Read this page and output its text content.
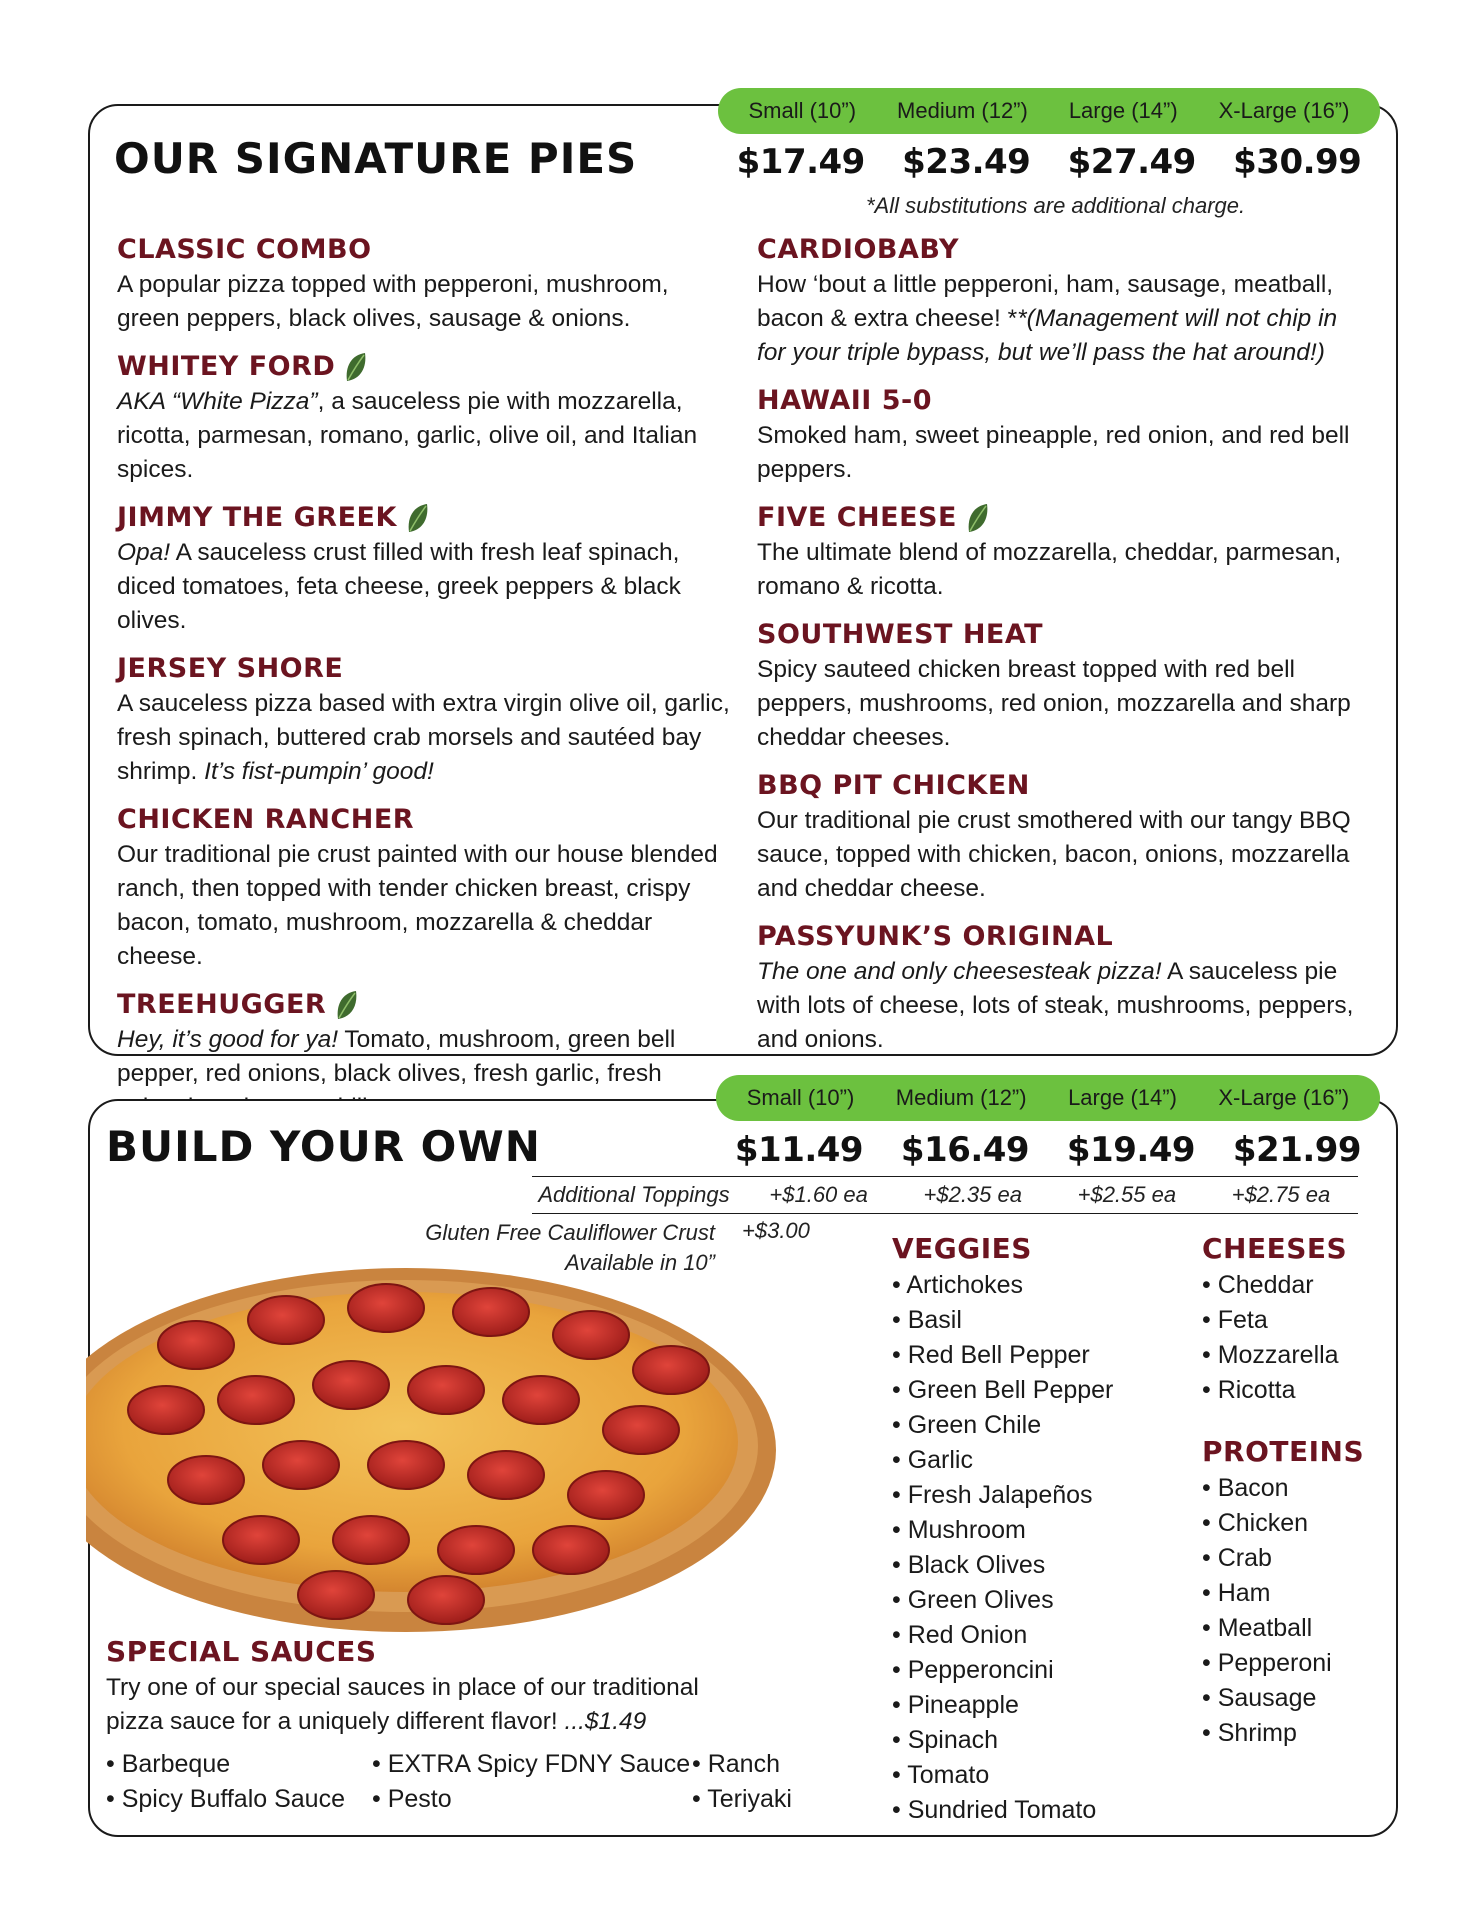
Small (10”) Medium (12”) Large (14”) X-Large (16”)
OUR SIGNATURE PIES	$17.49 $23.49 $27.49 $30.99
*All substitutions are additional charge.
CLASSIC COMBO
A popular pizza topped with pepperoni, mushroom, green peppers, black olives, sausage & onions.
WHITEY FORD
AKA “White Pizza”, a sauceless pie with mozzarella, ricotta, parmesan, romano, garlic, olive oil, and Italian spices.
JIMMY THE GREEK
Opa! A sauceless crust filled with fresh leaf spinach, diced tomatoes, feta cheese, greek peppers & black olives.
JERSEY SHORE
A sauceless pizza based with extra virgin olive oil, garlic, fresh spinach, buttered crab morsels and sautéed bay shrimp. It’s fist-pumpin’ good!
CHICKEN RANCHER
Our traditional pie crust painted with our house blended ranch, then topped with tender chicken breast, crispy bacon, tomato, mushroom, mozzarella & cheddar cheese.
TREEHUGGER
Hey, it’s good for ya! Tomato, mushroom, green bell pepper, red onions, black olives, fresh garlic, fresh
CARDIOBABY
How ‘bout a little pepperoni, ham, sausage, meatball, bacon & extra cheese! **(Management will not chip in for your triple bypass, but we’ll pass the hat around!)
HAWAII 5-0
Smoked ham, sweet pineapple, red onion, and red bell peppers.
FIVE CHEESE
The ultimate blend of mozzarella, cheddar, parmesan, romano & ricotta.
SOUTHWEST HEAT
Spicy sauteed chicken breast topped with red bell peppers, mushrooms, red onion, mozzarella and sharp cheddar cheeses.
BBQ PIT CHICKEN
Our traditional pie crust smothered with our tangy BBQ sauce, topped with chicken, bacon, onions, mozzarella and cheddar cheese.
PASSYUNK’S ORIGINAL
The one and only cheesesteak pizza! A sauceless pie with lots of cheese, lots of steak, mushrooms, peppers, and onions.
Small (10”) Medium (12”) Large (14”) X-Large (16”)
BUILD YOUR OWN	$11.49 $16.49 $19.49 $21.99
Additional Toppings	+$1.60 ea	+$2.35 ea	+$2.55 ea	+$2.75 ea
Gluten Free Cauliflower Crust
Available in 10”
+$3.00
VEGGIES
• Artichokes
• Basil
• Red Bell Pepper
• Green Bell Pepper
• Green Chile
• Garlic
• Fresh Jalapeños
• Mushroom
• Black Olives
• Green Olives
• Red Onion
• Pepperoncini
• Pineapple
• Spinach
• Tomato
• Sundried Tomato
CHEESES
• Cheddar
• Feta
• Mozzarella
• Ricotta
PROTEINS
• Bacon
• Chicken
• Crab
• Ham
• Meatball
• Pepperoni
• Sausage
• Shrimp
SPECIAL SAUCES
Try one of our special sauces in place of our traditional pizza sauce for a uniquely different flavor! ...$1.49
• Barbeque
• Spicy Buffalo Sauce
• EXTRA Spicy FDNY Sauce
• Pesto
• Ranch
• Teriyaki
